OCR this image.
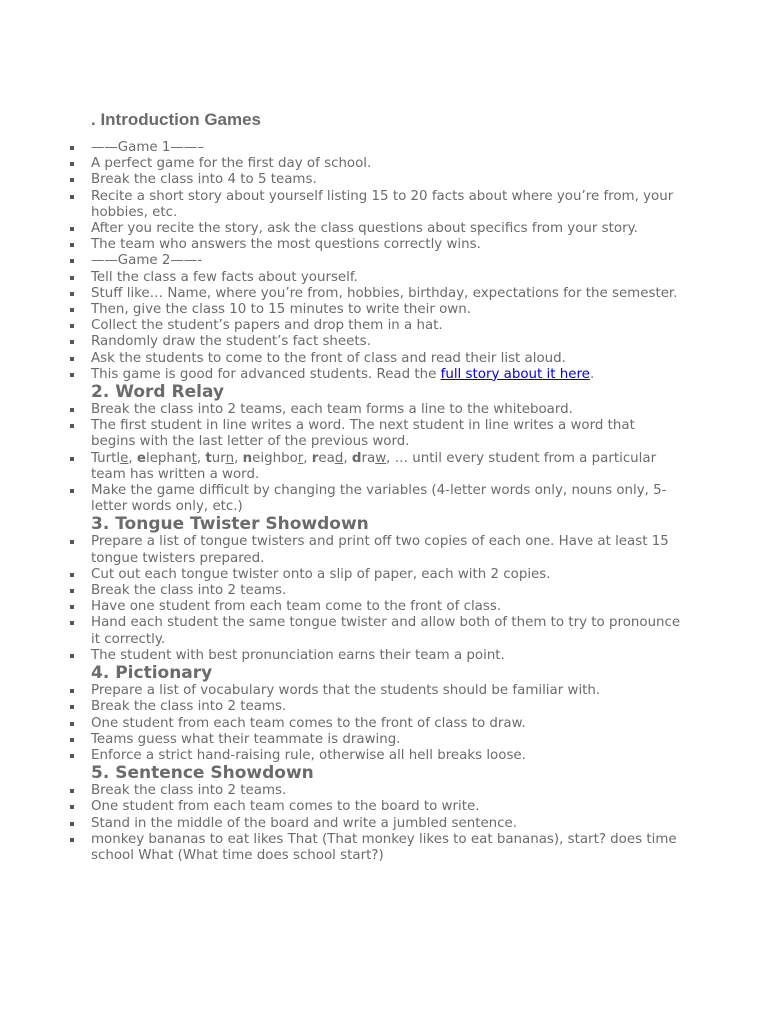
. Introduction Games
——Game 1——–
A perfect game for the first day of school.
Break the class into 4 to 5 teams.
Recite a short story about yourself listing 15 to 20 facts about where you’re from, your hobbies, etc.
After you recite the story, ask the class questions about specifics from your story.
The team who answers the most questions correctly wins.
——Game 2——-
Tell the class a few facts about yourself.
Stuff like… Name, where you’re from, hobbies, birthday, expectations for the semester.
Then, give the class 10 to 15 minutes to write their own.
Collect the student’s papers and drop them in a hat.
Randomly draw the student’s fact sheets.
Ask the students to come to the front of class and read their list aloud.
This game is good for advanced students. Read the full story about it here.
2. Word Relay
Break the class into 2 teams, each team forms a line to the whiteboard.
The first student in line writes a word. The next student in line writes a word that begins with the last letter of the previous word.
Turtle, elephant, turn, neighbor, read, draw, … until every student from a particular team has written a word.
Make the game difficult by changing the variables (4-letter words only, nouns only, 5-letter words only, etc.)
3. Tongue Twister Showdown
Prepare a list of tongue twisters and print off two copies of each one. Have at least 15 tongue twisters prepared.
Cut out each tongue twister onto a slip of paper, each with 2 copies.
Break the class into 2 teams.
Have one student from each team come to the front of class.
Hand each student the same tongue twister and allow both of them to try to pronounce it correctly.
The student with best pronunciation earns their team a point.
4. Pictionary
Prepare a list of vocabulary words that the students should be familiar with.
Break the class into 2 teams.
One student from each team comes to the front of class to draw.
Teams guess what their teammate is drawing.
Enforce a strict hand-raising rule, otherwise all hell breaks loose.
5. Sentence Showdown
Break the class into 2 teams.
One student from each team comes to the board to write.
Stand in the middle of the board and write a jumbled sentence.
monkey bananas to eat likes That (That monkey likes to eat bananas), start? does time school What (What time does school start?)
